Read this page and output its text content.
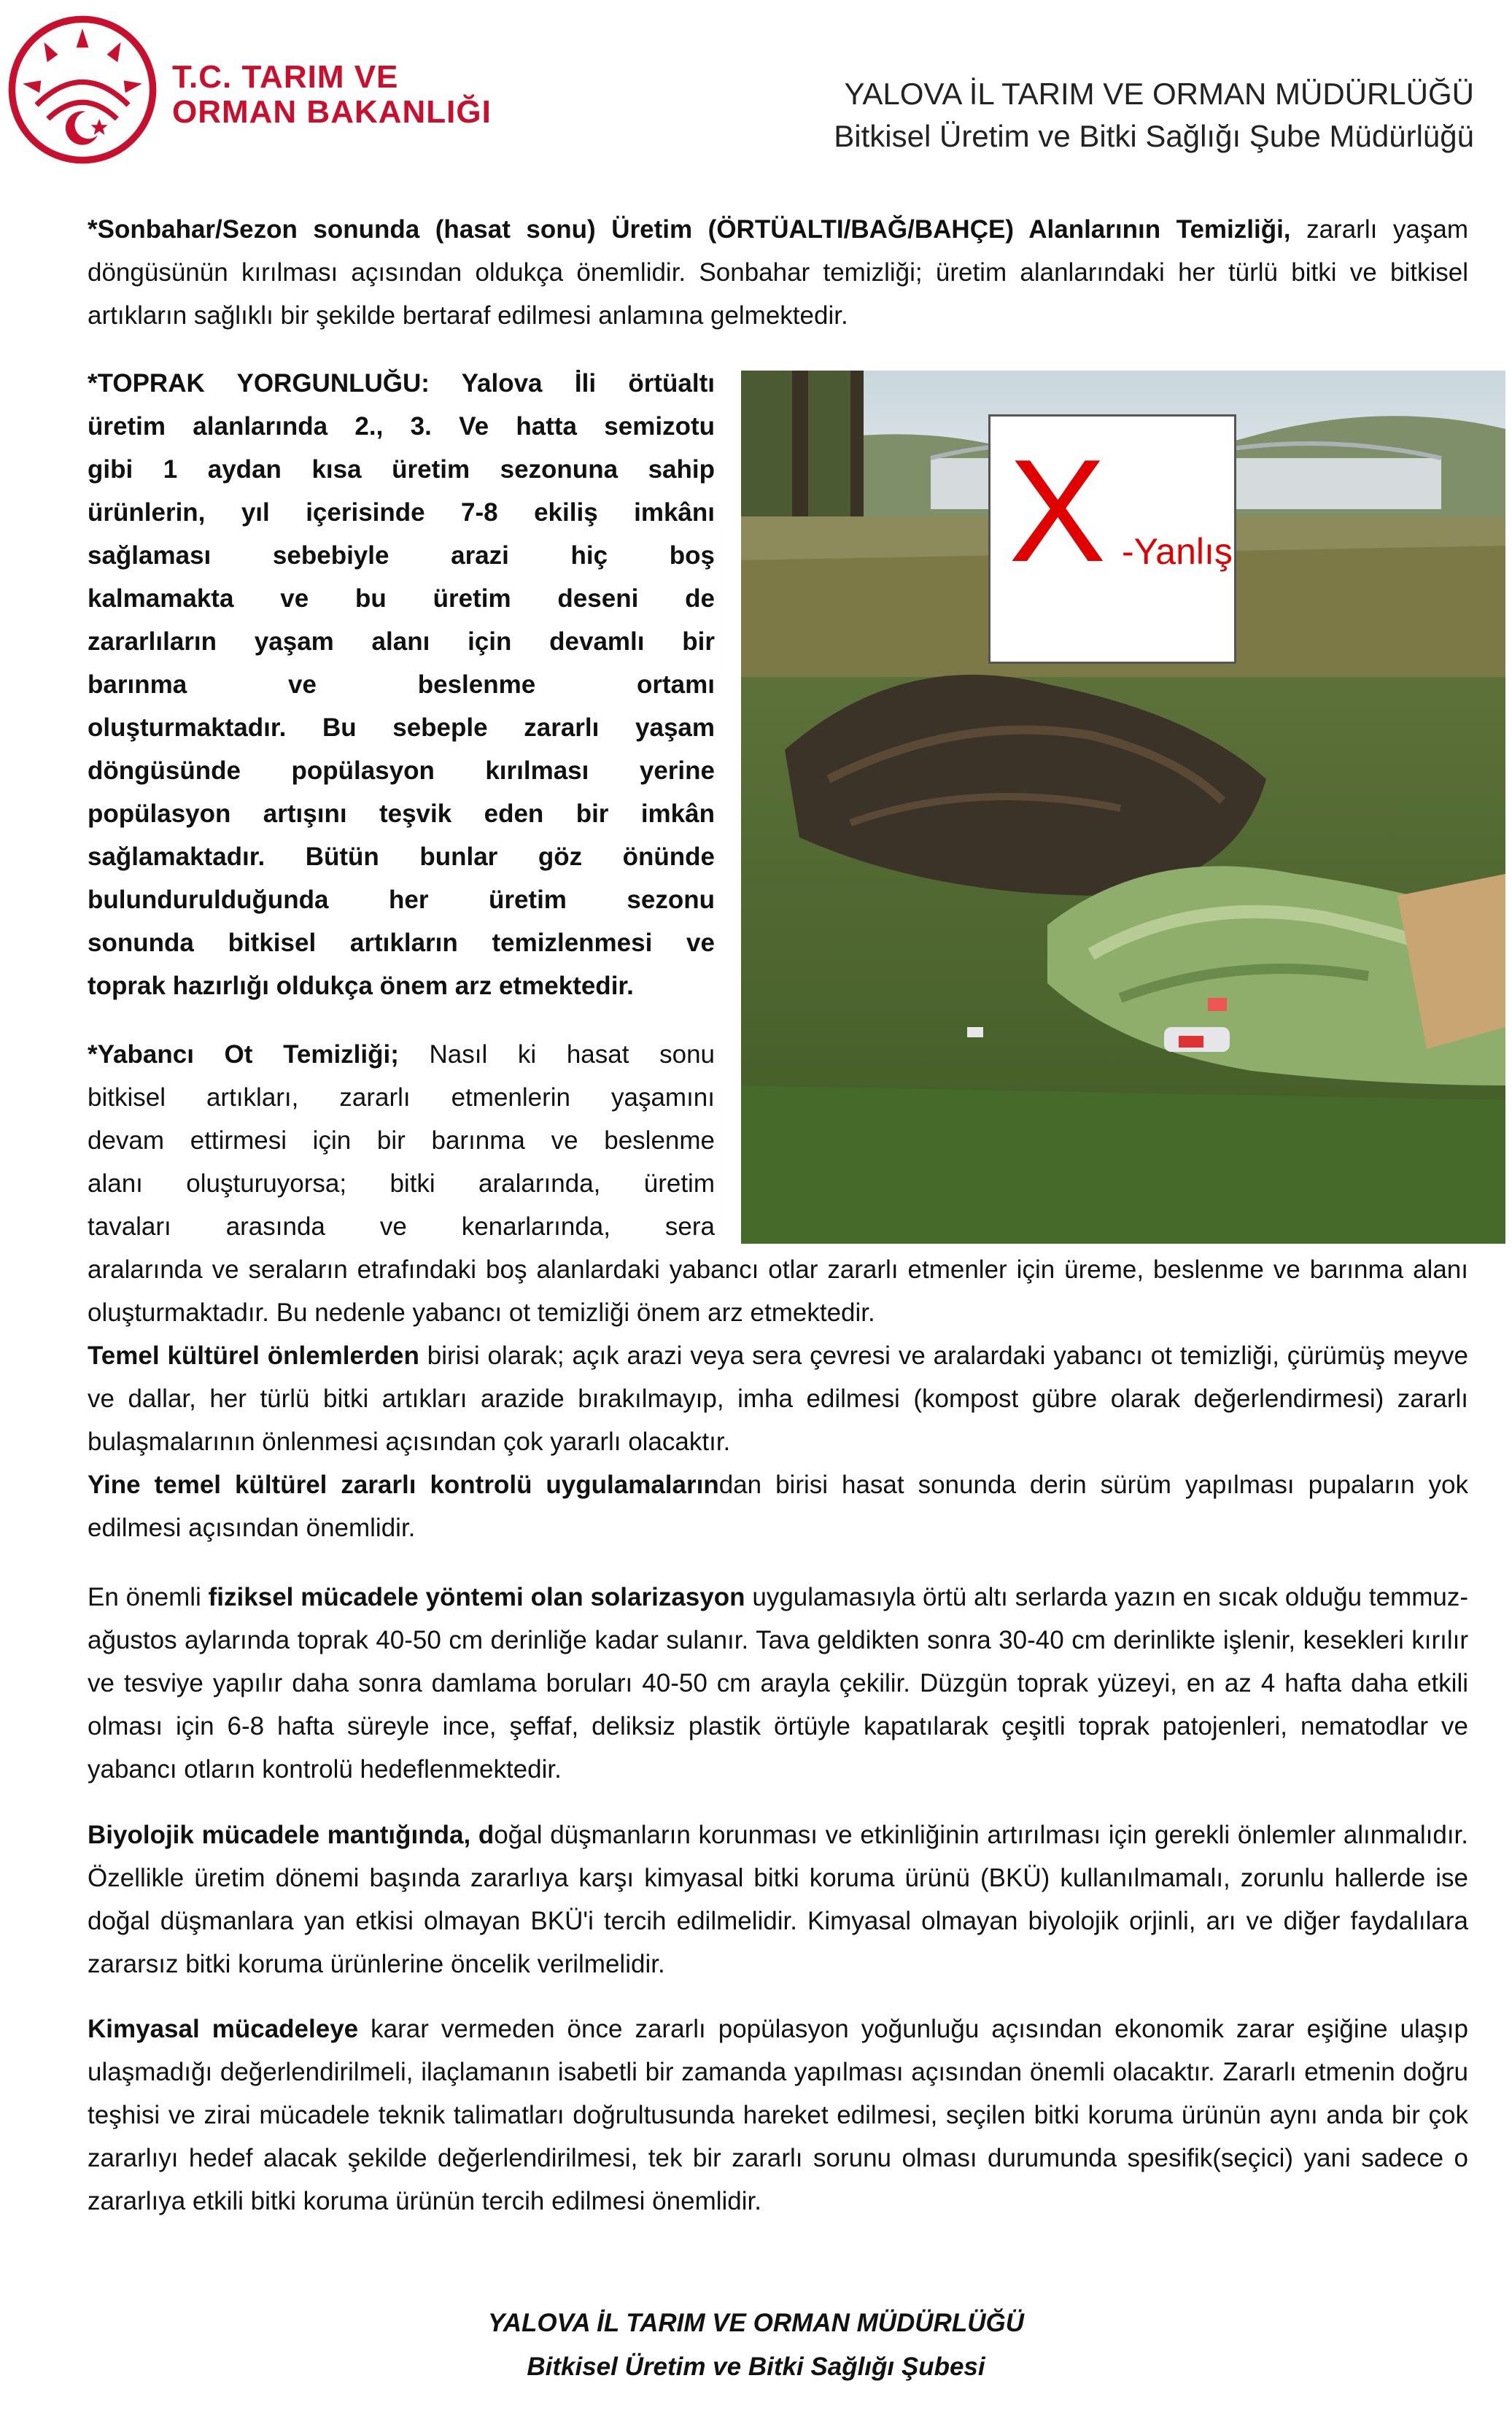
T.C. TARIM VE
ORMAN BAKANLIĞI
YALOVA İL TARIM VE ORMAN MÜDÜRLÜĞÜ
Bitkisel Üretim ve Bitki Sağlığı Şube Müdürlüğü

*Sonbahar/Sezon sonunda (hasat sonu) Üretim (ÖRTÜALTI/BAĞ/BAHÇE) Alanlarının Temizliği, zararlı yaşam döngüsünün kırılması açısından oldukça önemlidir. Sonbahar temizliği; üretim alanlarındaki her türlü bitki ve bitkisel artıkların sağlıklı bir şekilde bertaraf edilmesi anlamına gelmektedir.

*TOPRAK YORGUNLUĞU: Yalova İli örtüaltı
üretim alanlarında 2., 3. Ve hatta semizotu
gibi 1 aydan kısa üretim sezonuna sahip
ürünlerin, yıl içerisinde 7-8 ekiliş imkânı
sağlaması sebebiyle arazi hiç boş
kalmamakta ve bu üretim deseni de
zararlıların yaşam alanı için devamlı bir
barınma ve beslenme ortamı
oluşturmaktadır. Bu sebeple zararlı yaşam
döngüsünde popülasyon kırılması yerine
popülasyon artışını teşvik eden bir imkân
sağlamaktadır. Bütün bunlar göz önünde
bulundurulduğunda her üretim sezonu
sonunda bitkisel artıkların temizlenmesi ve
toprak hazırlığı oldukça önem arz etmektedir.
*Yabancı Ot Temizliği; Nasıl ki hasat sonu
bitkisel artıkları, zararlı etmenlerin yaşamını
devam ettirmesi için bir barınma ve beslenme
alanı oluşturuyorsa; bitki aralarında, üretim
tavaları arasında ve kenarlarında, sera
X -Yanlış

aralarında ve seraların etrafındaki boş alanlardaki yabancı otlar zararlı etmenler için üreme, beslenme ve barınma alanı oluşturmaktadır. Bu nedenle yabancı ot temizliği önem arz etmektedir.

Temel kültürel önlemlerden birisi olarak; açık arazi veya sera çevresi ve aralardaki yabancı ot temizliği, çürümüş meyve ve dallar, her türlü bitki artıkları arazide bırakılmayıp, imha edilmesi (kompost gübre olarak değerlendirmesi) zararlı bulaşmalarının önlenmesi açısından çok yararlı olacaktır.

Yine temel kültürel zararlı kontrolü uygulamalarından birisi hasat sonunda derin sürüm yapılması pupaların yok edilmesi açısından önemlidir.

En önemli fiziksel mücadele yöntemi olan solarizasyon uygulamasıyla örtü altı serlarda yazın en sıcak olduğu temmuz-ağustos aylarında toprak 40-50 cm derinliğe kadar sulanır. Tava geldikten sonra 30-40 cm derinlikte işlenir, kesekleri kırılır ve tesviye yapılır daha sonra damlama boruları 40-50 cm arayla çekilir. Düzgün toprak yüzeyi, en az 4 hafta daha etkili olması için 6-8 hafta süreyle ince, şeffaf, deliksiz plastik örtüyle kapatılarak çeşitli toprak patojenleri, nematodlar ve yabancı otların kontrolü hedeflenmektedir.

Biyolojik mücadele mantığında, doğal düşmanların korunması ve etkinliğinin artırılması için gerekli önlemler alınmalıdır. Özellikle üretim dönemi başında zararlıya karşı kimyasal bitki koruma ürünü (BKÜ) kullanılmamalı, zorunlu hallerde ise doğal düşmanlara yan etkisi olmayan BKÜ'i tercih edilmelidir. Kimyasal olmayan biyolojik orjinli, arı ve diğer faydalılara zararsız bitki koruma ürünlerine öncelik verilmelidir.

Kimyasal mücadeleye karar vermeden önce zararlı popülasyon yoğunluğu açısından ekonomik zarar eşiğine ulaşıp ulaşmadığı değerlendirilmeli, ilaçlamanın isabetli bir zamanda yapılması açısından önemli olacaktır. Zararlı etmenin doğru teşhisi ve zirai mücadele teknik talimatları doğrultusunda hareket edilmesi, seçilen bitki koruma ürünün aynı anda bir çok zararlıyı hedef alacak şekilde değerlendirilmesi, tek bir zararlı sorunu olması durumunda spesifik(seçici) yani sadece o zararlıya etkili bitki koruma ürünün tercih edilmesi önemlidir.

YALOVA İL TARIM VE ORMAN MÜDÜRLÜĞÜ
Bitkisel Üretim ve Bitki Sağlığı Şubesi
